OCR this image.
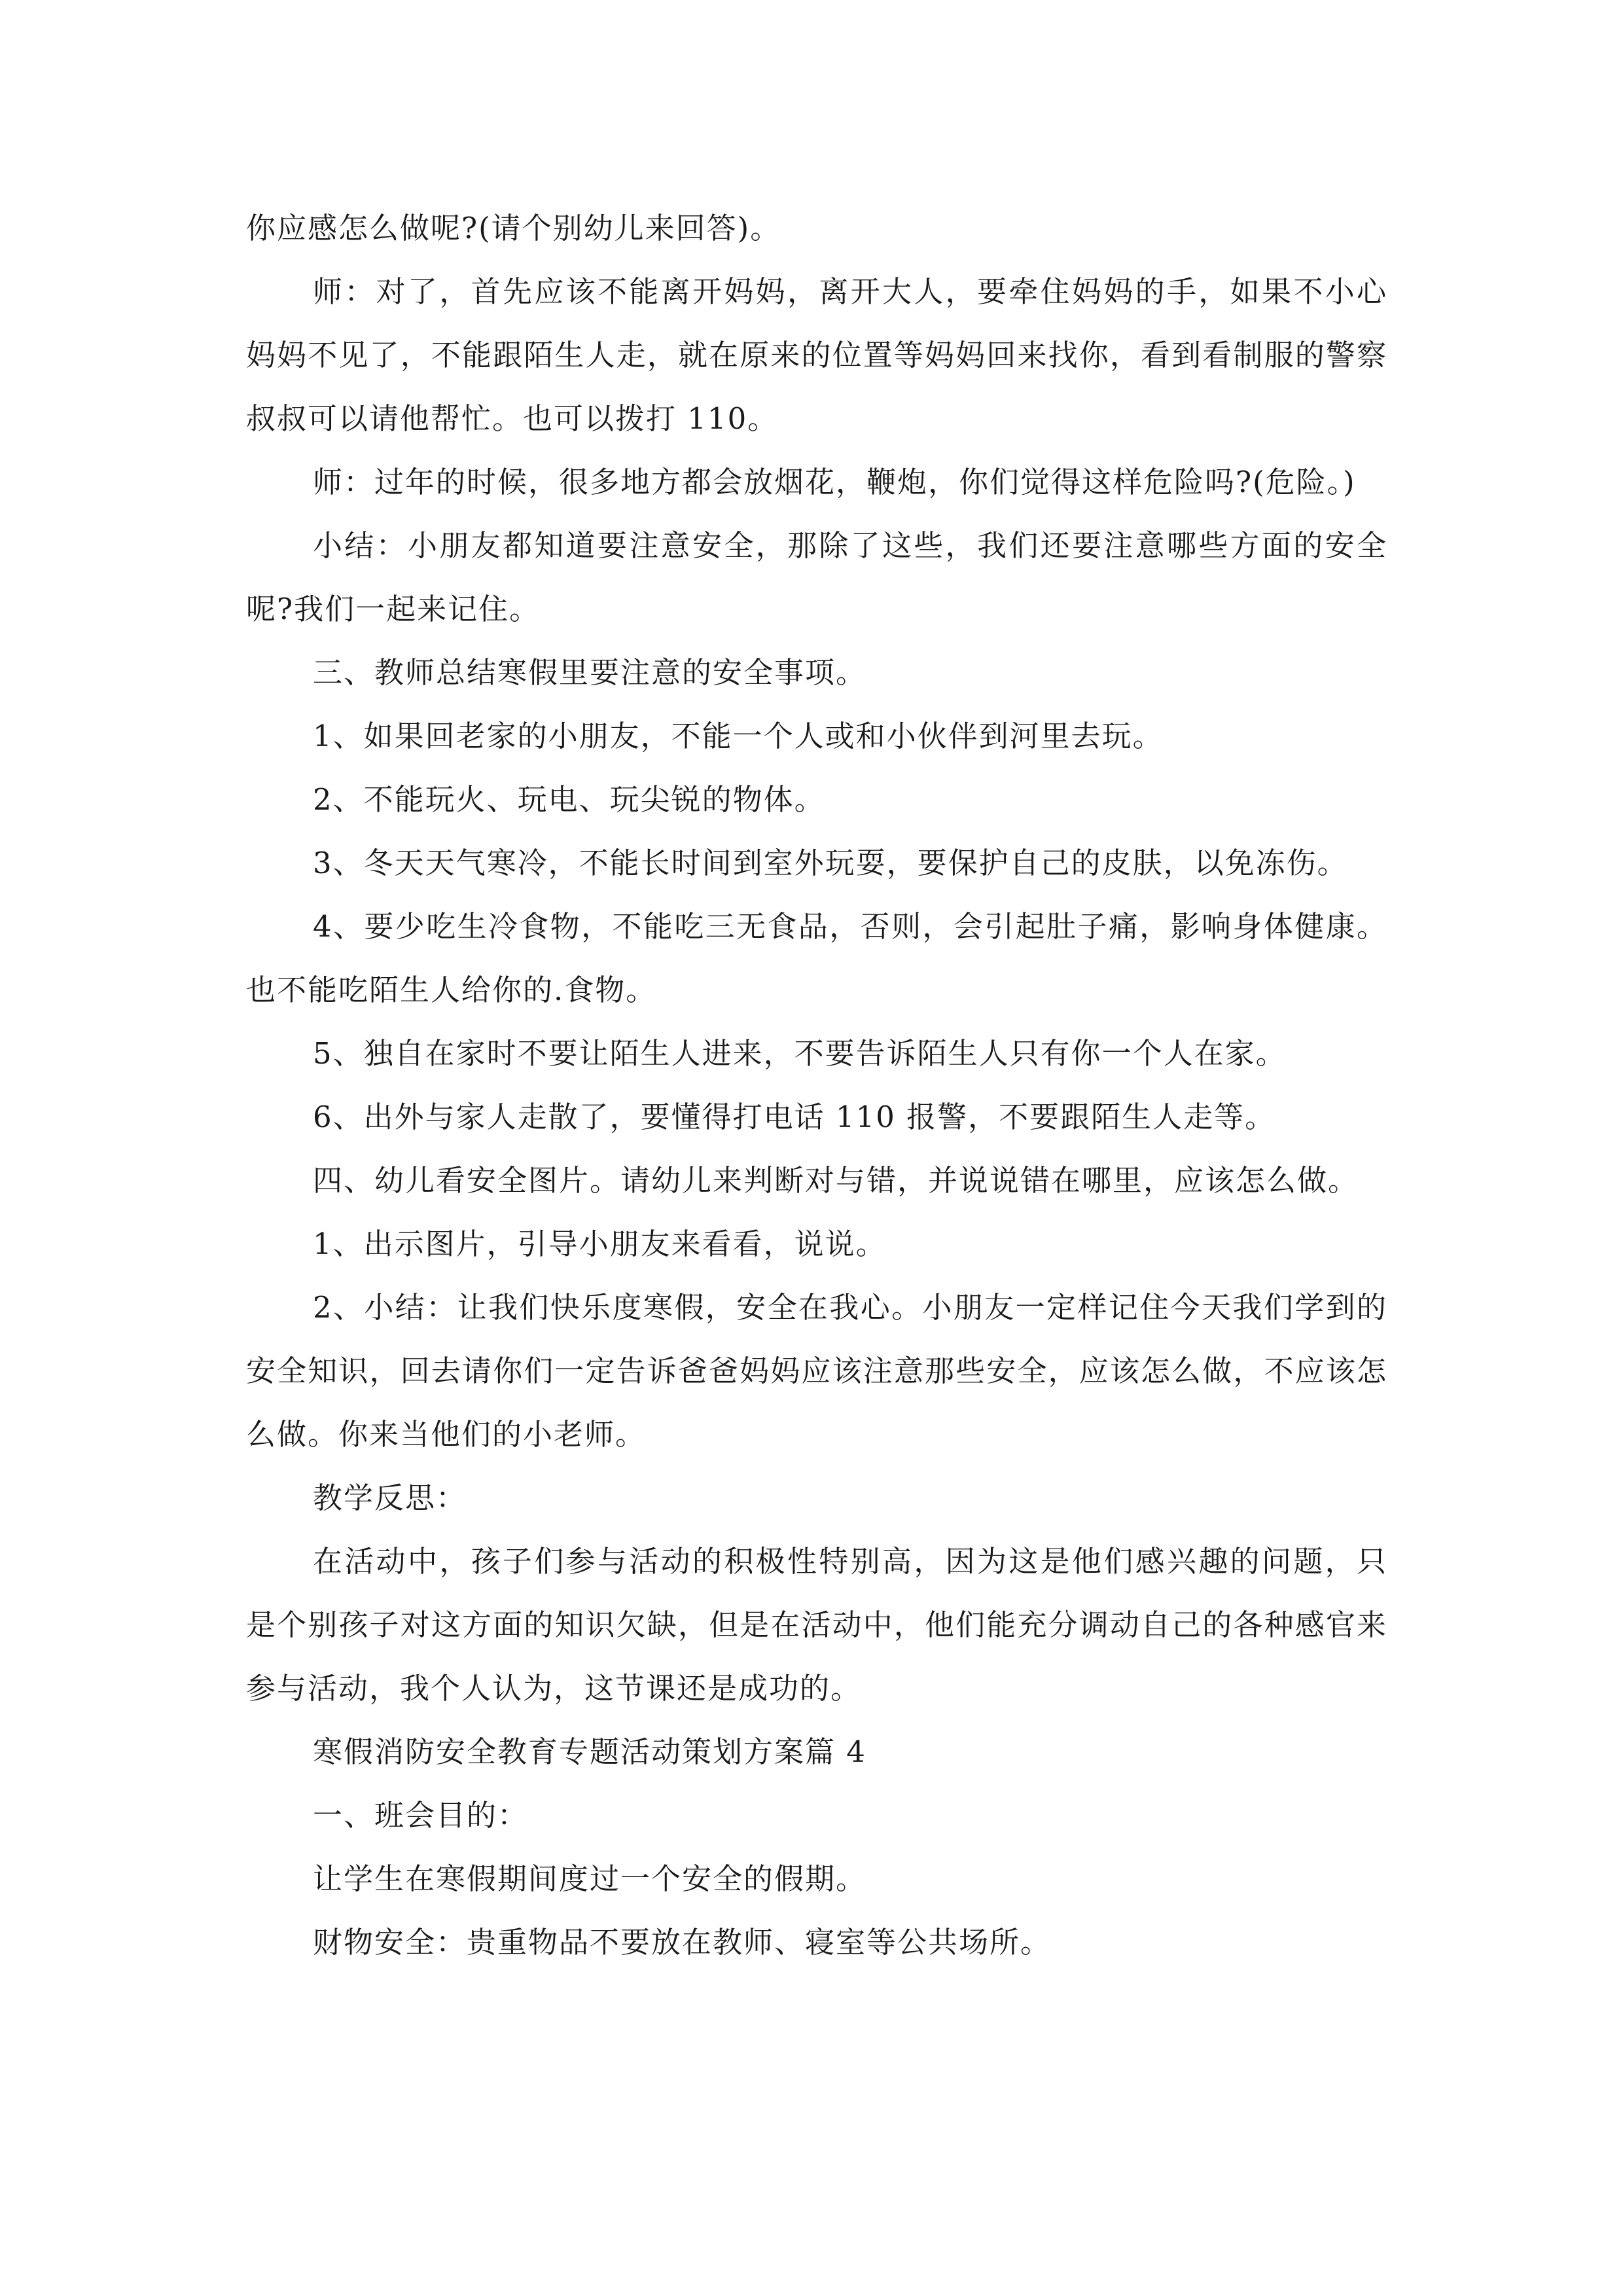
你应感怎么做呢?(请个别幼儿来回答)。

师：对了，首先应该不能离开妈妈，离开大人，要牵住妈妈的手，如果不小心妈妈不见了，不能跟陌生人走，就在原来的位置等妈妈回来找你，看到看制服的警察叔叔可以请他帮忙。也可以拨打 110。

师：过年的时候，很多地方都会放烟花，鞭炮，你们觉得这样危险吗?(危险。)

小结：小朋友都知道要注意安全，那除了这些，我们还要注意哪些方面的安全呢?我们一起来记住。

三、教师总结寒假里要注意的安全事项。

1、如果回老家的小朋友，不能一个人或和小伙伴到河里去玩。

2、不能玩火、玩电、玩尖锐的物体。

3、冬天天气寒冷，不能长时间到室外玩耍，要保护自己的皮肤，以免冻伤。

4、要少吃生冷食物，不能吃三无食品，否则，会引起肚子痛，影响身体健康。也不能吃陌生人给你的.食物。

5、独自在家时不要让陌生人进来，不要告诉陌生人只有你一个人在家。

6、出外与家人走散了，要懂得打电话 110 报警，不要跟陌生人走等。

四、幼儿看安全图片。请幼儿来判断对与错，并说说错在哪里，应该怎么做。

1、出示图片，引导小朋友来看看，说说。

2、小结：让我们快乐度寒假，安全在我心。小朋友一定样记住今天我们学到的安全知识，回去请你们一定告诉爸爸妈妈应该注意那些安全，应该怎么做，不应该怎么做。你来当他们的小老师。

教学反思：

在活动中，孩子们参与活动的积极性特别高，因为这是他们感兴趣的问题，只是个别孩子对这方面的知识欠缺，但是在活动中，他们能充分调动自己的各种感官来参与活动，我个人认为，这节课还是成功的。

寒假消防安全教育专题活动策划方案篇 4

一、班会目的：

让学生在寒假期间度过一个安全的假期。

财物安全：贵重物品不要放在教师、寝室等公共场所。
